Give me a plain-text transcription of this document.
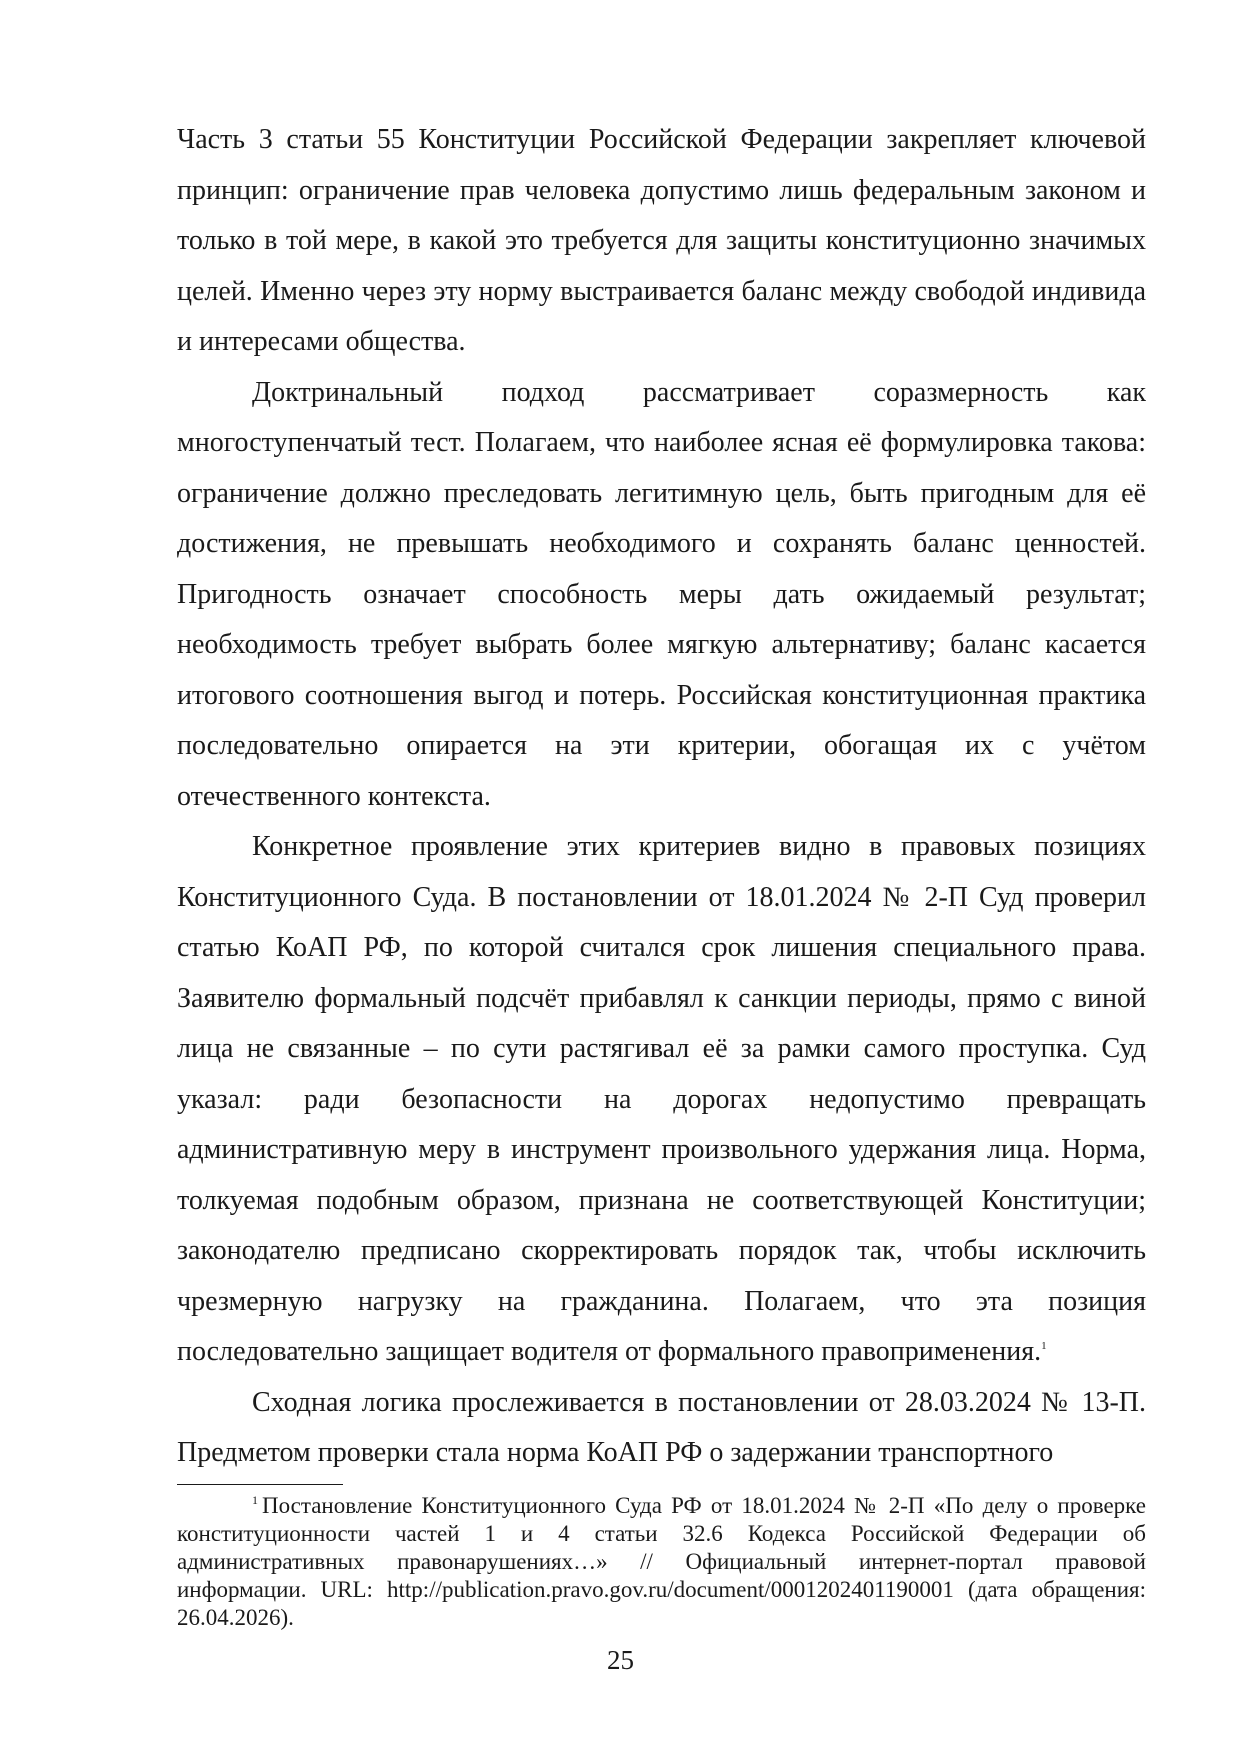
Часть 3 статьи 55 Конституции Российской Федерации закрепляет ключевой принцип: ограничение прав человека допустимо лишь федеральным законом и только в той мере, в какой это требуется для защиты конституционно значимых целей. Именно через эту норму выстраивается баланс между свободой индивида и интересами общества.

Доктринальный подход рассматривает соразмерность как многоступенчатый тест. Полагаем, что наиболее ясная её формулировка такова: ограничение должно преследовать легитимную цель, быть пригодным для её достижения, не превышать необходимого и сохранять баланс ценностей. Пригодность означает способность меры дать ожидаемый результат; необходимость требует выбрать более мягкую альтернативу; баланс касается итогового соотношения выгод и потерь. Российская конституционная практика последовательно опирается на эти критерии, обогащая их с учётом отечественного контекста.

Конкретное проявление этих критериев видно в правовых позициях Конституционного Суда. В постановлении от 18.01.2024 № 2-П Суд проверил статью КоАП РФ, по которой считался срок лишения специального права. Заявителю формальный подсчёт прибавлял к санкции периоды, прямо с виной лица не связанные – по сути растягивал её за рамки самого проступка. Суд указал: ради безопасности на дорогах недопустимо превращать административную меру в инструмент произвольного удержания лица. Норма, толкуемая подобным образом, признана не соответствующей Конституции; законодателю предписано скорректировать порядок так, чтобы исключить чрезмерную нагрузку на гражданина. Полагаем, что эта позиция последовательно защищает водителя от формального правоприменения.$^1$

Сходная логика прослеживается в постановлении от 28.03.2024 № 13-П. Предметом проверки стала норма КоАП РФ о задержании транспортного

$^1$ Постановление Конституционного Суда РФ от 18.01.2024 № 2-П «По делу о проверке конституционности частей 1 и 4 статьи 32.6 Кодекса Российской Федерации об административных правонарушениях…» // Официальный интернет-портал правовой информации. URL: http://publication.pravo.gov.ru/document/0001202401190001 (дата обращения: 26.04.2026).

25
